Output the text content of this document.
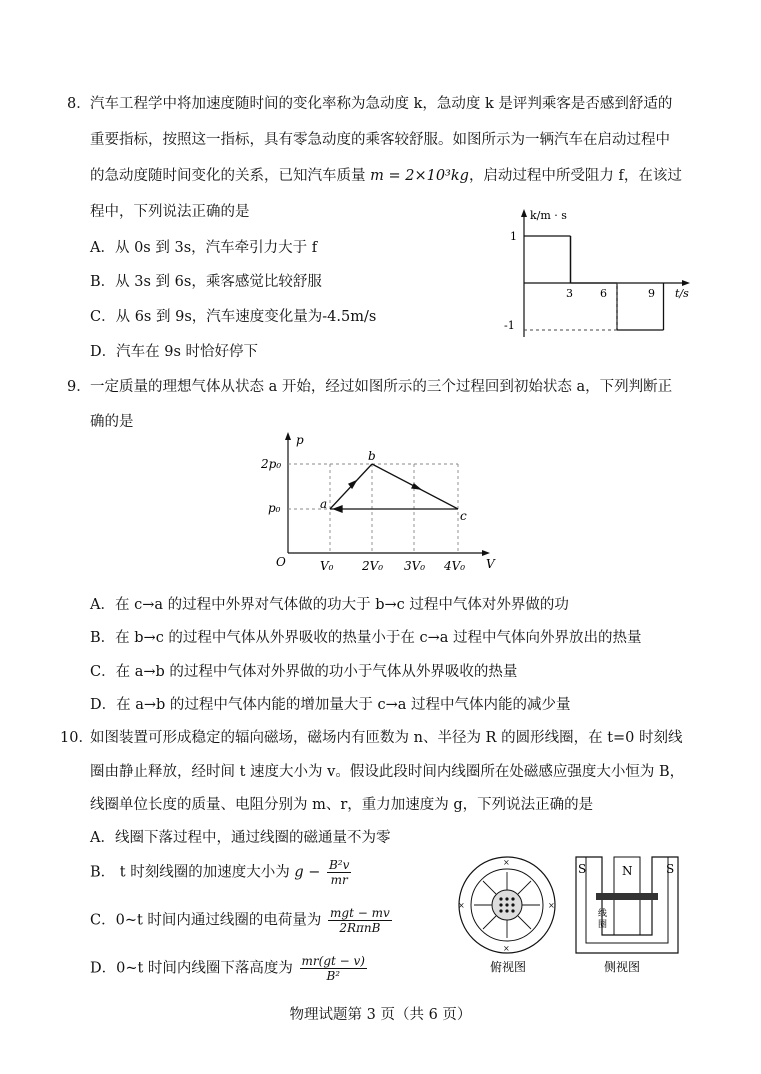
8． 汽车工程学中将加速度随时间的变化率称为急动度 k，急动度 k 是评判乘客是否感到舒适的
重要指标，按照这一指标，具有零急动度的乘客较舒服。如图所示为一辆汽车在启动过程中
的急动度随时间变化的关系，已知汽车质量 m = 2×10³kg，启动过程中所受阻力 f，在该过
程中，下列说法正确的是
A．从 0s 到 3s，汽车牵引力大于 f
B．从 3s 到 6s，乘客感觉比较舒服
C．从 6s 到 9s，汽车速度变化量为-4.5m/s
D．汽车在 9s 时恰好停下
k/m · s
t/s
1
-1
3 6	9
9． 一定质量的理想气体从状态 a 开始，经过如图所示的三个过程回到初始状态 a，下列判断正
确的是
p
V
O
2p₀
p₀
V₀ 2V₀ 3V₀ 4V₀
a
b
c
A．在 c→a 的过程中外界对气体做的功大于 b→c 过程中气体对外界做的功
B．在 b→c 的过程中气体从外界吸收的热量小于在 c→a 过程中气体向外界放出的热量
C．在 a→b 的过程中气体对外界做的功小于气体从外界吸收的热量
D．在 a→b 的过程中气体内能的增加量大于 c→a 过程中气体内能的减少量
10．
如图装置可形成稳定的辐向磁场，磁场内有匝数为 n、半径为 R 的圆形线圈，在 t=0 时刻线
圈由静止释放，经时间 t 速度大小为 v。假设此段时间内线圈所在处磁感应强度大小恒为 B，
线圈单位长度的质量、电阻分别为 m、r，重力加速度为 g，下列说法正确的是
A．线圈下落过程中，通过线圈的磁通量不为零
B． t 时刻线圈的加速度大小为 $g - \frac{\text{B²v}}{mr}$
C．0~t 时间内通过线圈的电荷量为 $\frac{\text{mgt − mv}}{\text{2RπnB}}$
D．0~t 时间内线圈下落高度为 $\frac{mr(gt - v)}{\text{B²}}$
×
×	×
×
俯视图
S	N	S
线
圈
侧视图
物理试题第 3 页（共 6 页）
